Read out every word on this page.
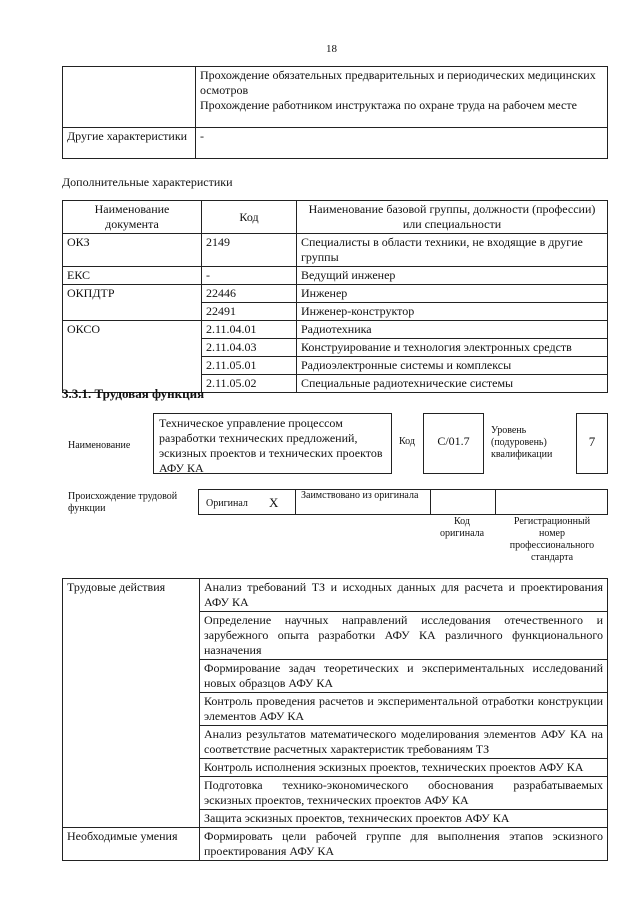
18

	Прохождение обязательных предварительных и периодических медицинских осмотров
Прохождение работником инструктажа по охране труда на рабочем месте

Другие характеристики	-
Дополнительные характеристики
Наименование документа	Код	Наименование базовой группы, должности (профессии) или специальности
ОКЗ	2149	Специалисты в области техники, не входящие в другие группы
ЕКС	-	Ведущий инженер
ОКПДТР	22446	Инженер
	22491	Инженер-конструктор
ОКСО	2.11.04.01	Радиотехника
	2.11.04.03	Конструирование и технология электронных средств
	2.11.05.01	Радиоэлектронные системы и комплексы
	2.11.05.02	Специальные радиотехнические системы
3.3.1. Трудовая функция
Наименование
Техническое управление процессом разработки технических предложений, эскизных проектов и технических проектов АФУ КА
Код	C/01.7
Уровень (подуровень) квалификации
7
Происхождение трудовой функции	Оригинал X Заимствовано из оригинала
Код оригинала
Регистрационный номер профессионального стандарта
Трудовые действия	Анализ требований ТЗ и исходных данных для расчета и проектирования АФУ КА
	Определение научных направлений исследования отечественного и зарубежного опыта разработки АФУ КА различного функционального назначения
	Формирование задач теоретических и экспериментальных исследований новых образцов АФУ КА
	Контроль проведения расчетов и экспериментальной отработки конструкции элементов АФУ КА
	Анализ результатов математического моделирования элементов АФУ КА на соответствие расчетных характеристик требованиям ТЗ
	Контроль исполнения эскизных проектов, технических проектов АФУ КА
	Подготовка технико-экономического обоснования разрабатываемых эскизных проектов, технических проектов АФУ КА
	Защита эскизных проектов, технических проектов АФУ КА
Необходимые умения	Формировать цели рабочей группе для выполнения этапов эскизного проектирования АФУ КА
